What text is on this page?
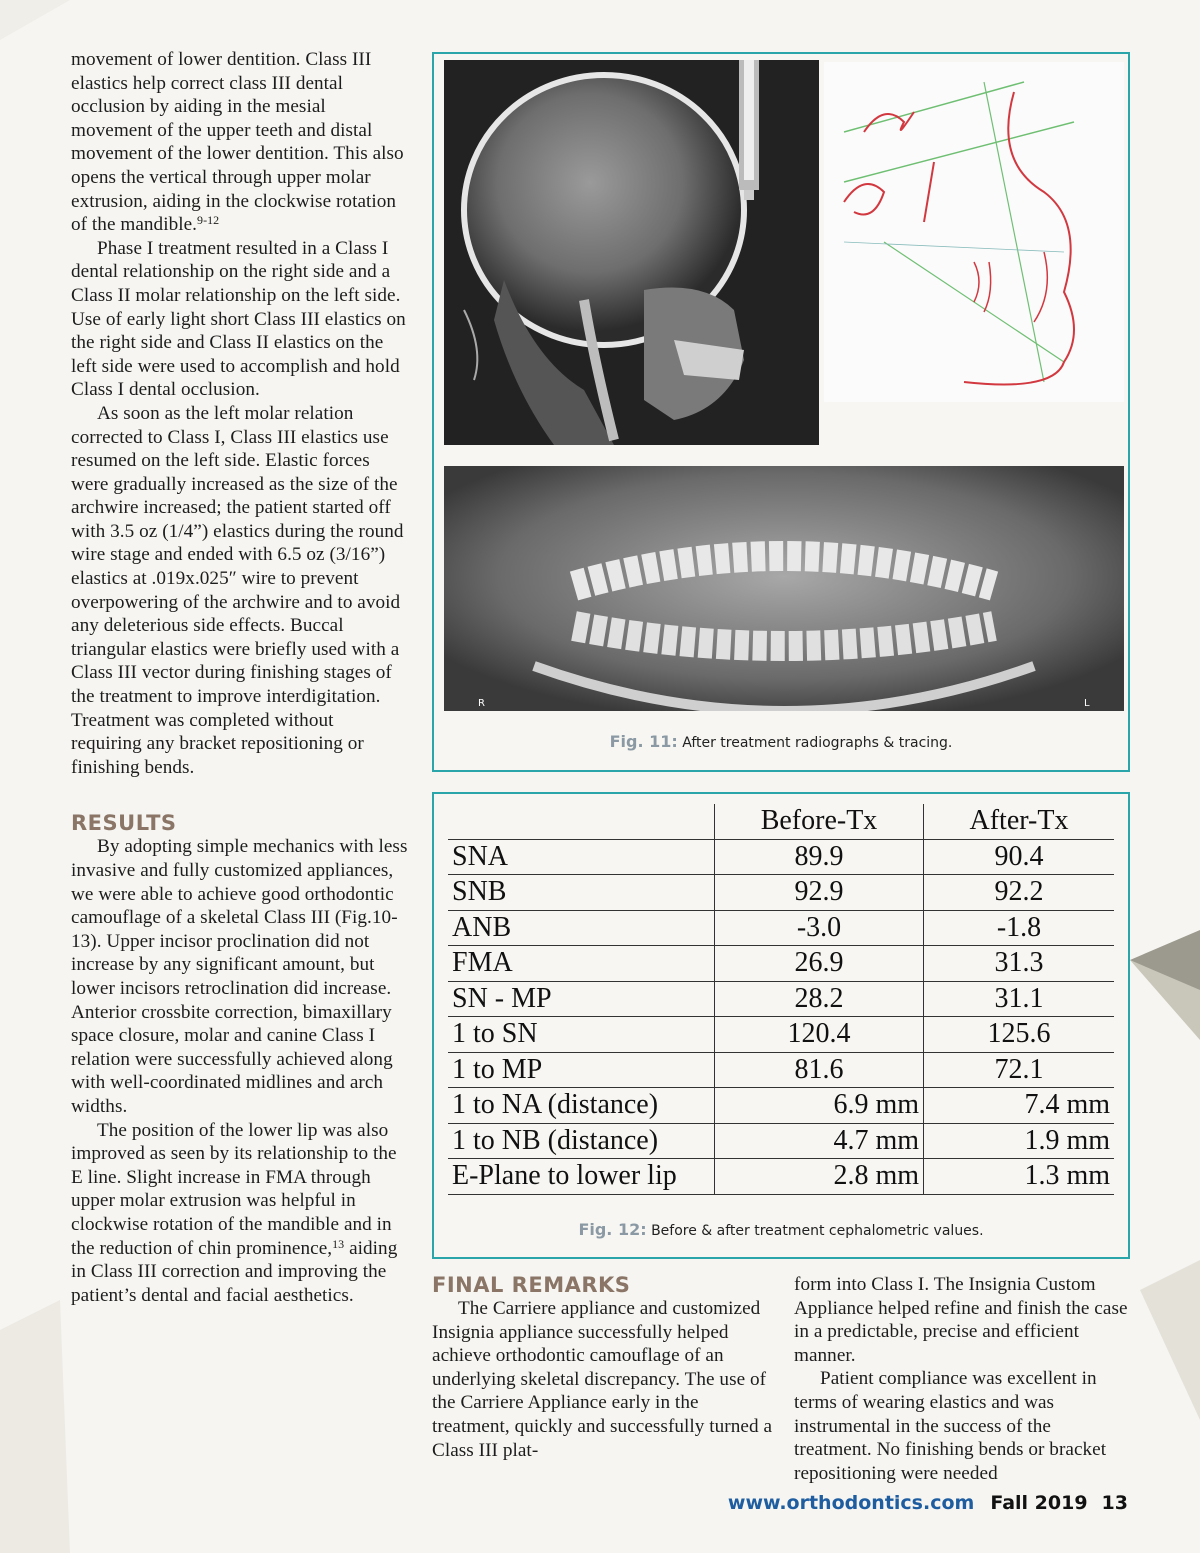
movement of lower dentition. Class III elastics help correct class III dental occlusion by aiding in the mesial movement of the upper teeth and distal movement of the lower dentition. This also opens the vertical through upper molar extrusion, aiding in the clockwise rotation of the mandible.$^{9-12}$

Phase I treatment resulted in a Class I dental relationship on the right side and a Class II molar relationship on the left side. Use of early light short Class III elastics on the right side and Class II elastics on the left side were used to accomplish and hold Class I dental occlusion.

As soon as the left molar relation corrected to Class I, Class III elastics use resumed on the left side. Elastic forces were gradually increased as the size of the archwire increased; the patient started off with 3.5 oz (1/4”) elastics during the round wire stage and ended with 6.5 oz (3/16”) elastics at .019x.025″ wire to prevent overpowering of the archwire and to avoid any deleterious side effects. Buccal triangular elastics were briefly used with a Class III vector during finishing stages of the treatment to improve interdigitation. Treatment was completed without requiring any bracket repositioning or finishing bends.

RESULTS

By adopting simple mechanics with less invasive and fully customized appliances, we were able to achieve good orthodontic camouflage of a skeletal Class III (Fig.10-13). Upper incisor proclination did not increase by any significant amount, but lower incisors retroclination did increase. Anterior crossbite correction, bimaxillary space closure, molar and canine Class I relation were successfully achieved along with well-coordinated midlines and arch widths.

The position of the lower lip was also improved as seen by its relationship to the E line. Slight increase in FMA through upper molar extrusion was helpful in clockwise rotation of the mandible and in the reduction of chin prominence,$^{13}$ aiding in Class III correction and improving the patient’s dental and facial aesthetics.

R	L
Fig. 11: After treatment radiographs & tracing.
	Before-Tx	After-Tx
SNA	89.9	90.4
SNB	92.9	92.2
ANB	-3.0	-1.8
FMA	26.9	31.3
SN - MP	28.2	31.1
1 to SN	120.4	125.6
1 to MP	81.6	72.1
1 to NA (distance)	6.9 mm	7.4 mm
1 to NB (distance)	4.7 mm	1.9 mm
E-Plane to lower lip	2.8 mm	1.3 mm
Fig. 12: Before & after treatment cephalometric values.
FINAL REMARKS

The Carriere appliance and customized Insignia appliance successfully helped achieve orthodontic camouflage of an underlying skeletal discrepancy. The use of the Carriere Appliance early in the treatment, quickly and successfully turned a Class III plat-

form into Class I. The Insignia Custom Appliance helped refine and finish the case in a predictable, precise and efficient manner.

Patient compliance was excellent in terms of wearing elastics and was instrumental in the success of the treatment. No finishing bends or bracket repositioning were needed

www.orthodontics.com Fall 2019 13
